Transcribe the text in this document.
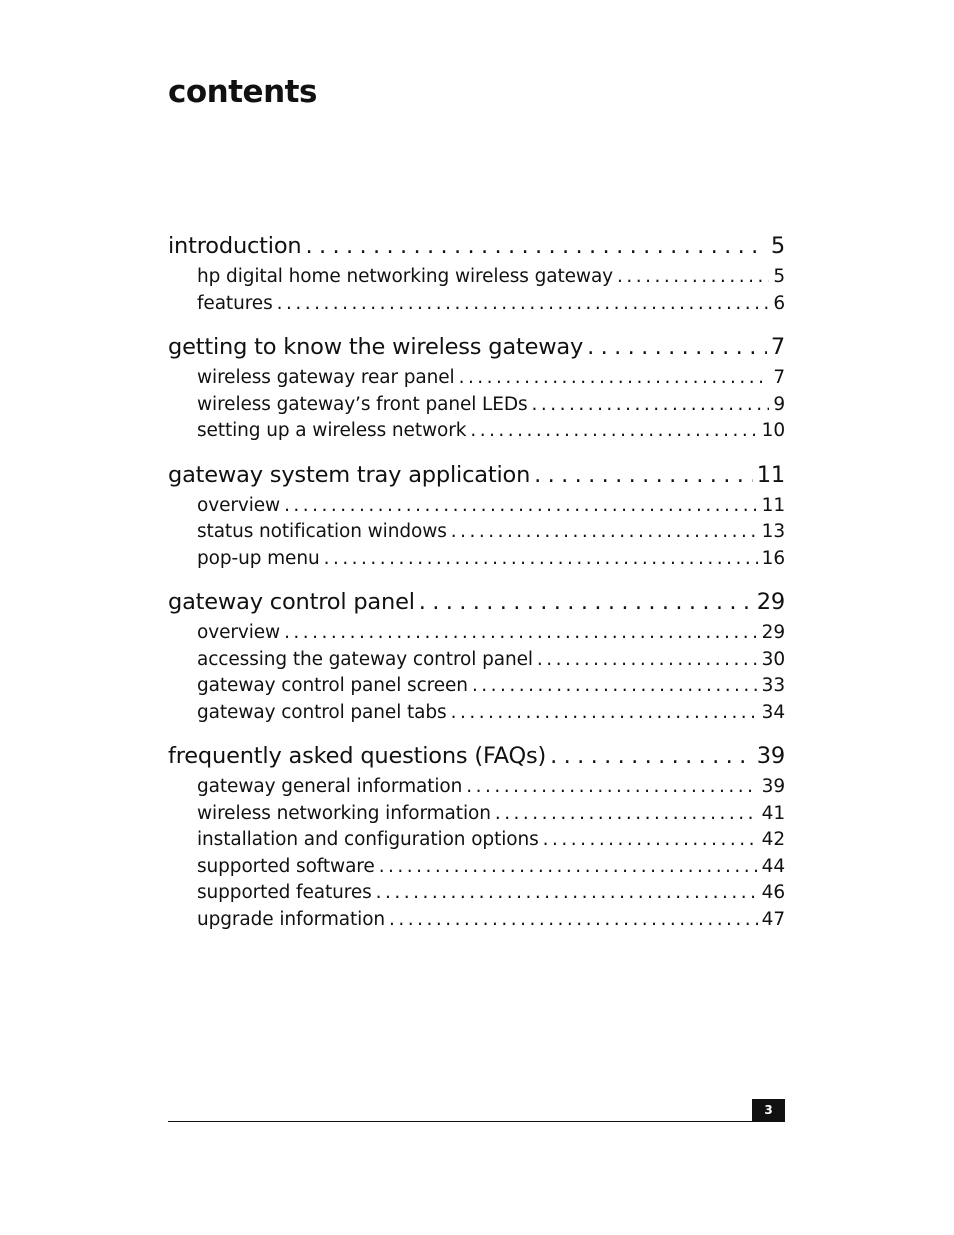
contents
introduction . . .	5
hp digital home networking wireless gateway . . .	5
features . . .	6
getting to know the wireless gateway . . .	7
wireless gateway rear panel . . .	7
wireless gateway’s front panel LEDs . . .	9
setting up a wireless network . . .	10
gateway system tray application . . .	11
overview . . .	11
status notification windows . . .	13
pop-up menu . . .	16
gateway control panel . . .	29
overview . . .	29
accessing the gateway control panel . . .	30
gateway control panel screen . . .	33
gateway control panel tabs . . .	34
frequently asked questions (FAQs) . . .	39
gateway general information . . .	39
wireless networking information . . .	41
installation and configuration options . . .	42
supported software . . .	44
supported features . . .	46
upgrade information . . .	47
3
